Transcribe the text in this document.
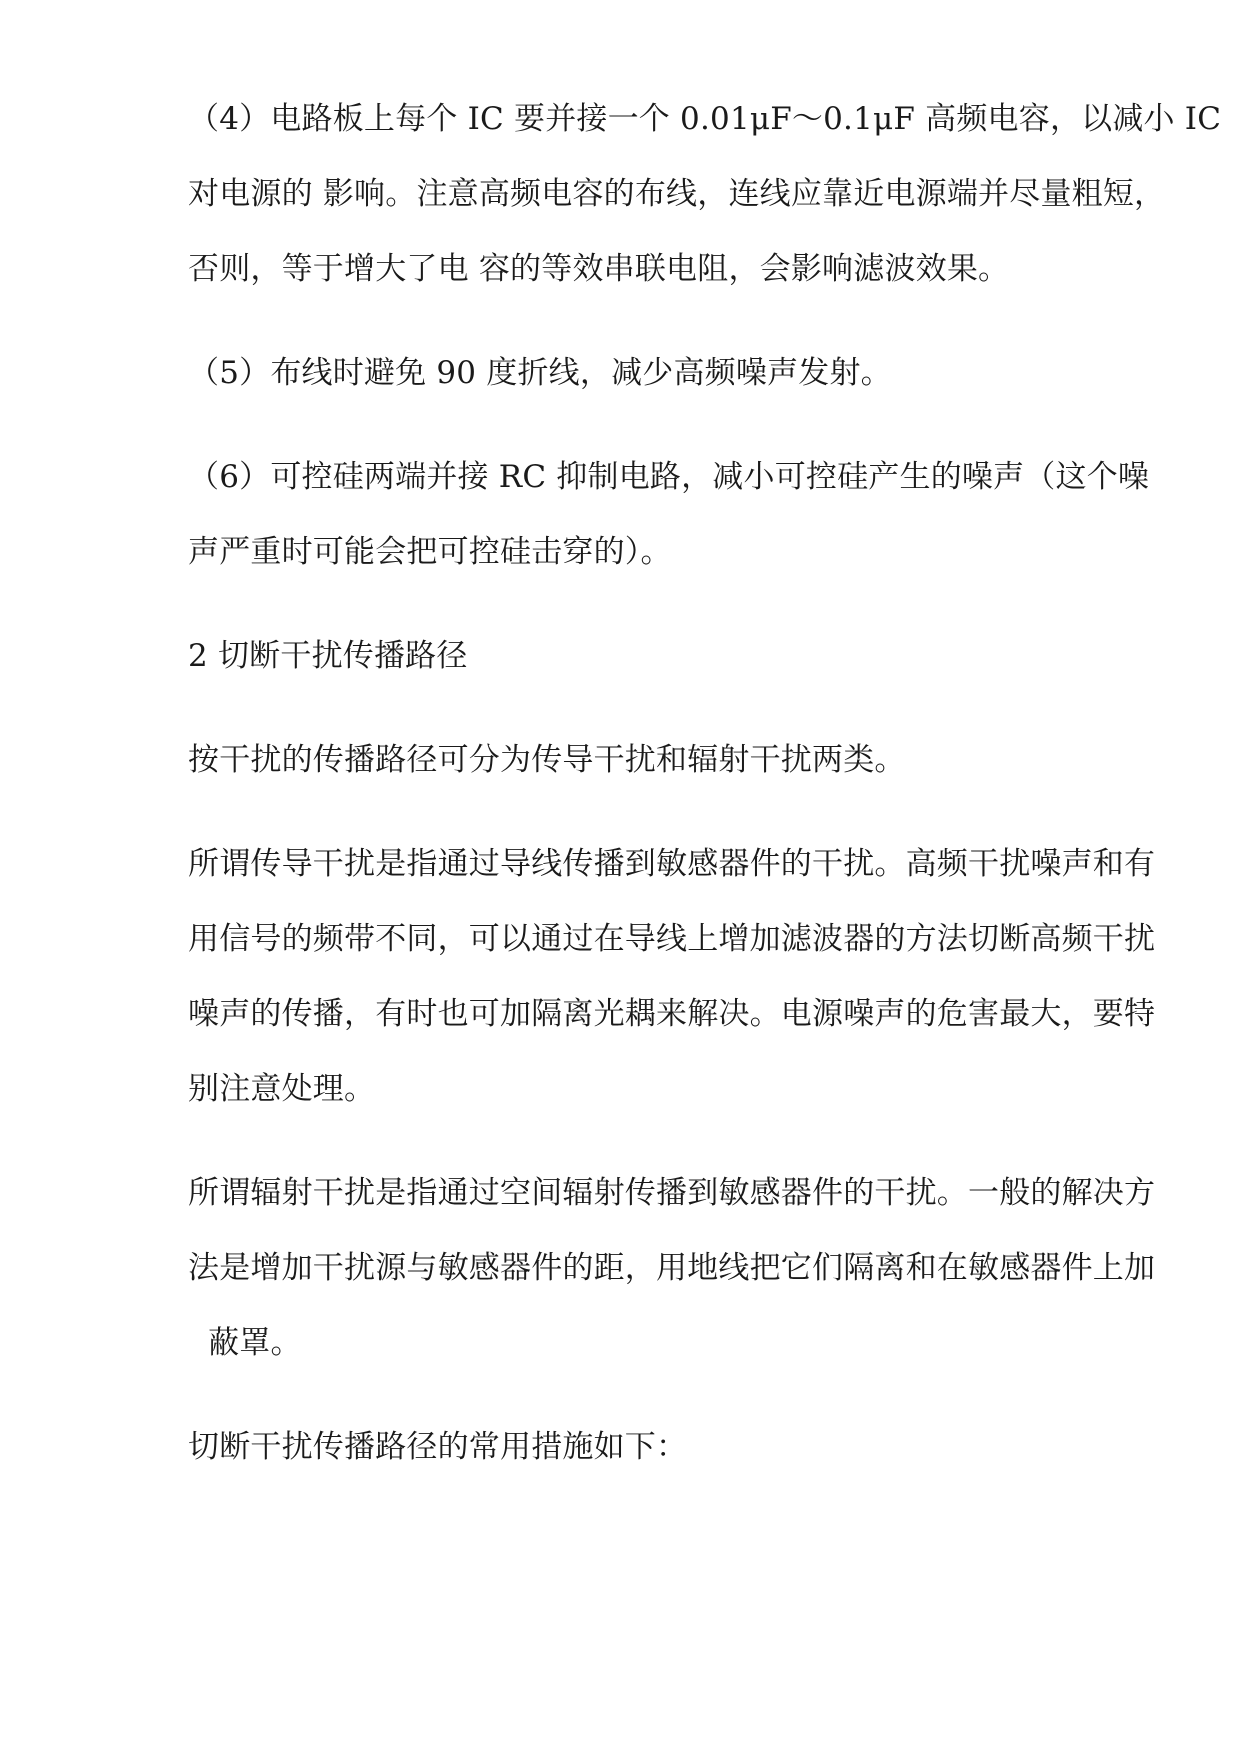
（4）电路板上每个 IC 要并接一个 0.01μF～0.1μF 高频电容，以减小 IC
对电源的 影响。注意高频电容的布线，连线应靠近电源端并尽量粗短，
否则，等于增大了电 容的等效串联电阻，会影响滤波效果。

（5）布线时避免 90 度折线，减少高频噪声发射。

（6）可控硅两端并接 RC 抑制电路，减小可控硅产生的噪声（这个噪
声严重时可能会把可控硅击穿的）。

2 切断干扰传播路径

按干扰的传播路径可分为传导干扰和辐射干扰两类。

所谓传导干扰是指通过导线传播到敏感器件的干扰。高频干扰噪声和有
用信号的频带不同，可以通过在导线上增加滤波器的方法切断高频干扰
噪声的传播，有时也可加隔离光耦来解决。电源噪声的危害最大，要特
别注意处理。

所谓辐射干扰是指通过空间辐射传播到敏感器件的干扰。一般的解决方
法是增加干扰源与敏感器件的距，用地线把它们隔离和在敏感器件上加
蔽罩。

切断干扰传播路径的常用措施如下：
